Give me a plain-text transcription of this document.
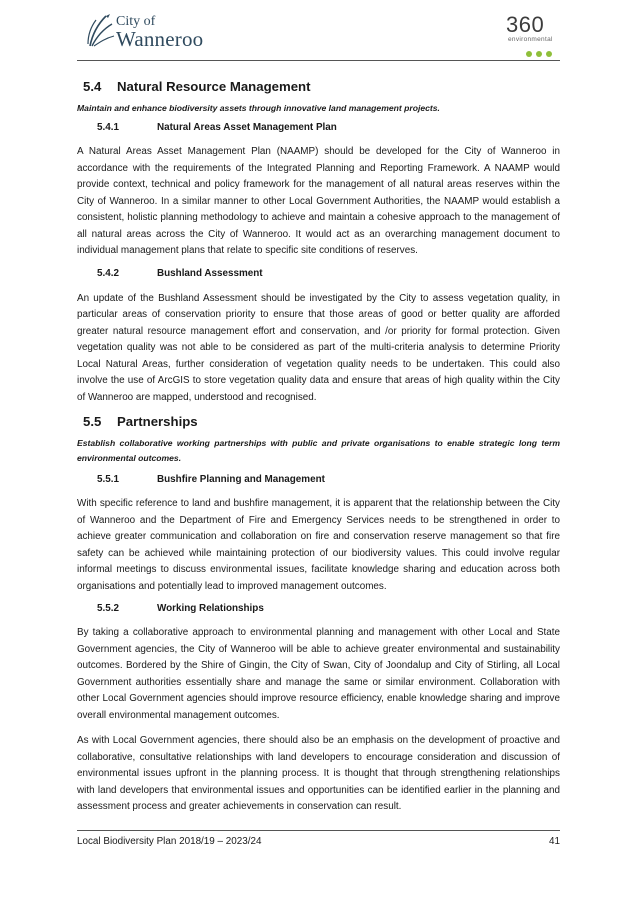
City of
Wanneroo
360
environmental
5.4 Natural Resource Management

Maintain and enhance biodiversity assets through innovative land management projects.

5.4.1	Natural Areas Asset Management Plan

A Natural Areas Asset Management Plan (NAAMP) should be developed for the City of Wanneroo in accordance with the requirements of the Integrated Planning and Reporting Framework. A NAAMP would provide context, technical and policy framework for the management of all natural areas reserves within the City of Wanneroo. In a similar manner to other Local Government Authorities, the NAAMP would establish a consistent, holistic planning methodology to achieve and maintain a cohesive approach to the management of all natural areas across the City of Wanneroo. It would act as an overarching management document to individual management plans that relate to specific site conditions of reserves.

5.4.2	Bushland Assessment

An update of the Bushland Assessment should be investigated by the City to assess vegetation quality, in particular areas of conservation priority to ensure that those areas of good or better quality are afforded greater natural resource management effort and conservation, and /or priority for formal protection. Given vegetation quality was not able to be considered as part of the multi-criteria analysis to determine Priority Local Natural Areas, further consideration of vegetation quality needs to be undertaken. This could also involve the use of ArcGIS to store vegetation quality data and ensure that areas of high quality within the City of Wanneroo are mapped, understood and recognised.

5.5 Partnerships

Establish collaborative working partnerships with public and private organisations to enable strategic long term environmental outcomes.

5.5.1	Bushfire Planning and Management

With specific reference to land and bushfire management, it is apparent that the relationship between the City of Wanneroo and the Department of Fire and Emergency Services needs to be strengthened in order to achieve greater communication and collaboration on fire and conservation reserve management so that fire safety can be achieved while maintaining protection of our biodiversity values. This could involve regular informal meetings to discuss environmental issues, facilitate knowledge sharing and education across both organisations and potentially lead to improved management outcomes.

5.5.2	Working Relationships

By taking a collaborative approach to environmental planning and management with other Local and State Government agencies, the City of Wanneroo will be able to achieve greater environmental and sustainability outcomes. Bordered by the Shire of Gingin, the City of Swan, City of Joondalup and City of Stirling, all Local Government authorities essentially share and manage the same or similar environment. Collaboration with other Local Government agencies should improve resource efficiency, enable knowledge sharing and improve overall environmental management outcomes.

As with Local Government agencies, there should also be an emphasis on the development of proactive and collaborative, consultative relationships with land developers to encourage consideration and discussion of environmental issues upfront in the planning process. It is thought that through strengthening relationships with land developers that environmental issues and opportunities can be identified earlier in the planning and assessment process and greater achievements in conservation can result.

Local Biodiversity Plan 2018/19 – 2023/24	41
